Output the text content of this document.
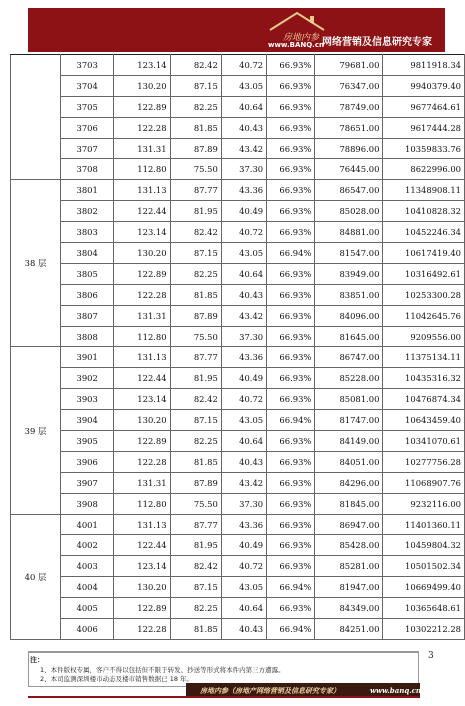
房地内参
www.BANQ.cn
网络营销及信息研究专家
	3703	123.14	82.42	40.72	66.93%	79681.00	9811918.34
	3704	130.20	87.15	43.05	66.93%	76347.00	9940379.40
	3705	122.89	82.25	40.64	66.93%	78749.00	9677464.61
	3706	122.28	81.85	40.43	66.93%	78651.00	9617444.28
	3707	131.31	87.89	43.42	66.93%	78896.00	10359833.76
	3708	112.80	75.50	37.30	66.93%	76445.00	8622996.00
38 层	3801	131.13	87.77	43.36	66.93%	86547.00	11348908.11
	3802	122.44	81.95	40.49	66.93%	85028.00	10410828.32
	3803	123.14	82.42	40.72	66.93%	84881.00	10452246.34
	3804	130.20	87.15	43.05	66.94%	81547.00	10617419.40
	3805	122.89	82.25	40.64	66.93%	83949.00	10316492.61
	3806	122.28	81.85	40.43	66.93%	83851.00	10253300.28
	3807	131.31	87.89	43.42	66.93%	84096.00	11042645.76
	3808	112.80	75.50	37.30	66.93%	81645.00	9209556.00
39 层	3901	131.13	87.77	43.36	66.93%	86747.00	11375134.11
	3902	122.44	81.95	40.49	66.93%	85228.00	10435316.32
	3903	123.14	82.42	40.72	66.93%	85081.00	10476874.34
	3904	130.20	87.15	43.05	66.94%	81747.00	10643459.40
	3905	122.89	82.25	40.64	66.93%	84149.00	10341070.61
	3906	122.28	81.85	40.43	66.93%	84051.00	10277756.28
	3907	131.31	87.89	43.42	66.93%	84296.00	11068907.76
	3908	112.80	75.50	37.30	66.93%	81845.00	9232116.00
40 层	4001	131.13	87.77	43.36	66.93%	86947.00	11401360.11
	4002	122.44	81.95	40.49	66.93%	85428.00	10459804.32
	4003	123.14	82.42	40.72	66.93%	85281.00	10501502.34
	4004	130.20	87.15	43.05	66.94%	81947.00	10669499.40
	4005	122.89	82.25	40.64	66.93%	84349.00	10365648.61
	4006	122.28	81.85	40.43	66.94%	84251.00	10302212.28
注：
1、本件版权专属，客户不得以包括但不限于转发、抄送等形式将本件内第三方遭露。
2、本司监测深圳楼市动态及楼市销售数据已 18 年。
3
房地内参（房地产网络营销及信息研究专家）	www.banq.cn
